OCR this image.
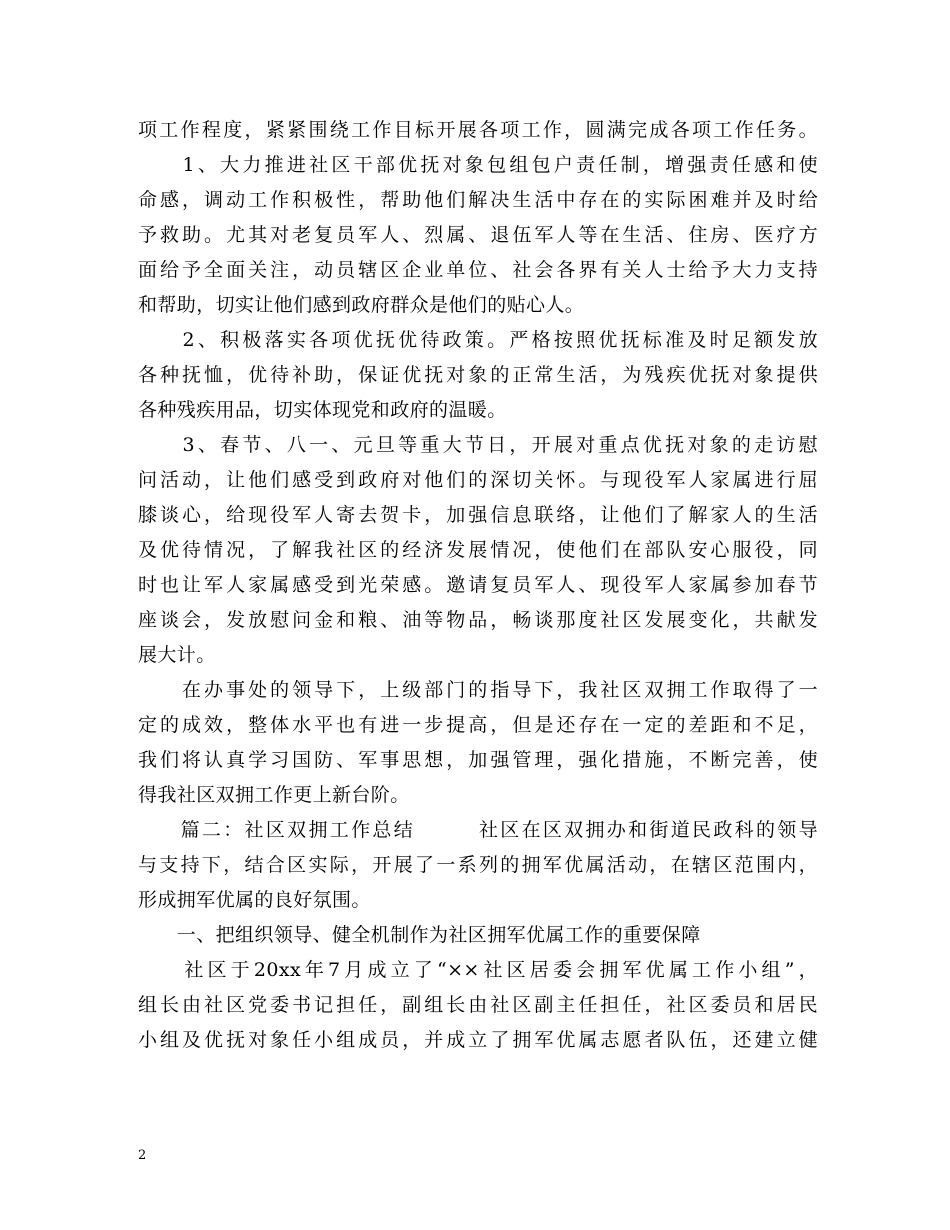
项工作程度，紧紧围绕工作目标开展各项工作，圆满完成各项工作任务。
　　1、大力推进社区干部优抚对象包组包户责任制，增强责任感和使
命感，调动工作积极性，帮助他们解决生活中存在的实际困难并及时给
予救助。尤其对老复员军人、烈属、退伍军人等在生活、住房、医疗方
面给予全面关注，动员辖区企业单位、社会各界有关人士给予大力支持
和帮助，切实让他们感到政府群众是他们的贴心人。
　　2、积极落实各项优抚优待政策。严格按照优抚标准及时足额发放
各种抚恤，优待补助，保证优抚对象的正常生活，为残疾优抚对象提供
各种残疾用品，切实体现党和政府的温暖。
　　3、春节、八一、元旦等重大节日，开展对重点优抚对象的走访慰
问活动，让他们感受到政府对他们的深切关怀。与现役军人家属进行屈
膝谈心，给现役军人寄去贺卡，加强信息联络，让他们了解家人的生活
及优待情况，了解我社区的经济发展情况，使他们在部队安心服役，同
时也让军人家属感受到光荣感。邀请复员军人、现役军人家属参加春节
座谈会，发放慰问金和粮、油等物品，畅谈那度社区发展变化，共献发
展大计。
　　在办事处的领导下，上级部门的指导下，我社区双拥工作取得了一
定的成效，整体水平也有进一步提高，但是还存在一定的差距和不足，
我们将认真学习国防、军事思想，加强管理，强化措施，不断完善，使
得我社区双拥工作更上新台阶。
　　篇二：社区双拥工作总结　　　社区在区双拥办和街道民政科的领导
与支持下，结合区实际，开展了一系列的拥军优属活动，在辖区范围内，
形成拥军优属的良好氛围。
　　一、把组织领导、健全机制作为社区拥军优属工作的重要保障
　　社区于20xx年7月成立了“××社区居委会拥军优属工作小组”，
组长由社区党委书记担任，副组长由社区副主任担任，社区委员和居民
小组及优抚对象任小组成员，并成立了拥军优属志愿者队伍，还建立健
2
